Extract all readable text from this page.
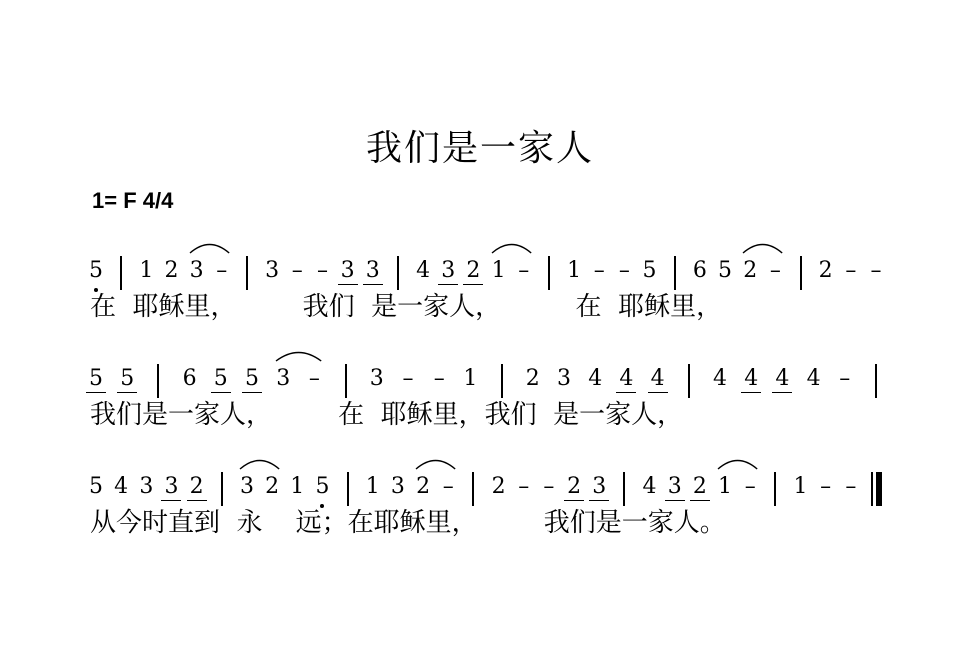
我们是一家人
1= F 4/4
5 1 2 3 – 3 – – 3 3 4 3 2 1 – 1 – – 5 6 5 2 – 2 – –
在  耶稣里，        我们  是一家人，         在  耶稣里，
5 5 6 5 5 3 – 3 – – 1 2 3 4 4 4 4 4 4 4 –
我们是一家人，        在  耶稣里，我们  是一家人，
5 4 3 3 2 3 2 1 5 1 3 2 – 2 – – 2 3 4 3 2 1 – 1 – –
从今时直到  永    远；在耶稣里，        我们是一家人。
